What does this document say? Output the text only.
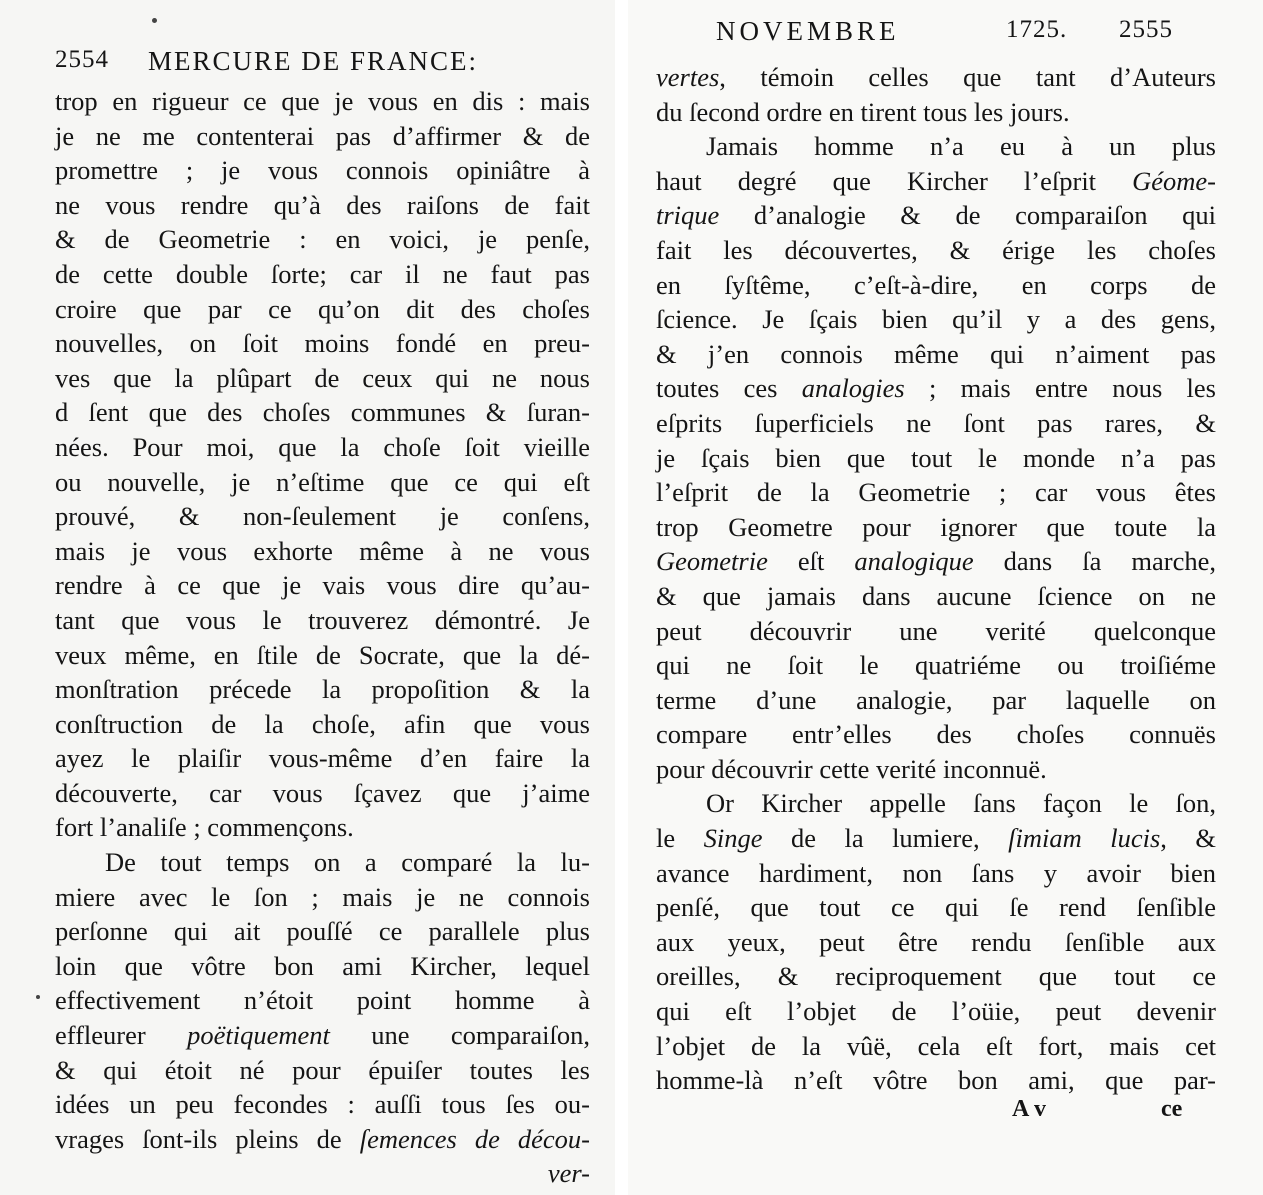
2554 MERCURE DE FRANCE:
trop en rigueur ce que je vous en dis : mais
je ne me contenterai pas d’affirmer & de
promettre ; je vous connois opiniâtre à
ne vous rendre qu’à des raiſons de fait
& de Geometrie : en voici, je penſe,
de cette double ſorte; car il ne faut pas
croire que par ce qu’on dit des choſes
nouvelles, on ſoit moins fondé en preu-
ves que la plûpart de ceux qui ne nous
d ſent que des choſes communes & ſuran-
nées. Pour moi, que la choſe ſoit vieille
ou nouvelle, je n’eſtime que ce qui eſt
prouvé, & non-ſeulement je conſens,
mais je vous exhorte même à ne vous
rendre à ce que je vais vous dire qu’au-
tant que vous le trouverez démontré. Je
veux même, en ſtile de Socrate, que la dé-
monſtration précede la propoſition & la
conſtruction de la choſe, afin que vous
ayez le plaiſir vous-même d’en faire la
découverte, car vous ſçavez que j’aime
fort l’analiſe ; commençons.
De tout temps on a comparé la lu-
miere avec le ſon ; mais je ne connois
perſonne qui ait pouſſé ce parallele plus
loin que vôtre bon ami Kircher, lequel
effectivement n’étoit point homme à
effleurer poëtiquement une comparaiſon,
& qui étoit né pour épuiſer toutes les
idées un peu fecondes : auſſi tous ſes ou-
vrages ſont-ils pleins de ſemences de décou-
ver-
NOVEMBRE	1725. 2555
vertes, témoin celles que tant d’Auteurs
du ſecond ordre en tirent tous les jours.
Jamais homme n’a eu à un plus
haut degré que Kircher l’eſprit Géome-
trique d’analogie & de comparaiſon qui
fait les découvertes, & érige les choſes
en ſyſtême, c’eſt-à-dire, en corps de
ſcience. Je ſçais bien qu’il y a des gens,
& j’en connois même qui n’aiment pas
toutes ces analogies ; mais entre nous les
eſprits ſuperficiels ne ſont pas rares, &
je ſçais bien que tout le monde n’a pas
l’eſprit de la Geometrie ; car vous êtes
trop Geometre pour ignorer que toute la
Geometrie eſt analogique dans ſa marche,
& que jamais dans aucune ſcience on ne
peut découvrir une verité quelconque
qui ne ſoit le quatriéme ou troiſiéme
terme d’une analogie, par laquelle on
compare entr’elles des choſes connuës
pour découvrir cette verité inconnuë.
Or Kircher appelle ſans façon le ſon,
le Singe de la lumiere, ſimiam lucis, &
avance hardiment, non ſans y avoir bien
penſé, que tout ce qui ſe rend ſenſible
aux yeux, peut être rendu ſenſible aux
oreilles, & reciproquement que tout ce
qui eſt l’objet de l’oüie, peut devenir
l’objet de la vûë, cela eſt fort, mais cet
homme-là n’eſt vôtre bon ami, que par-
A v	ce
